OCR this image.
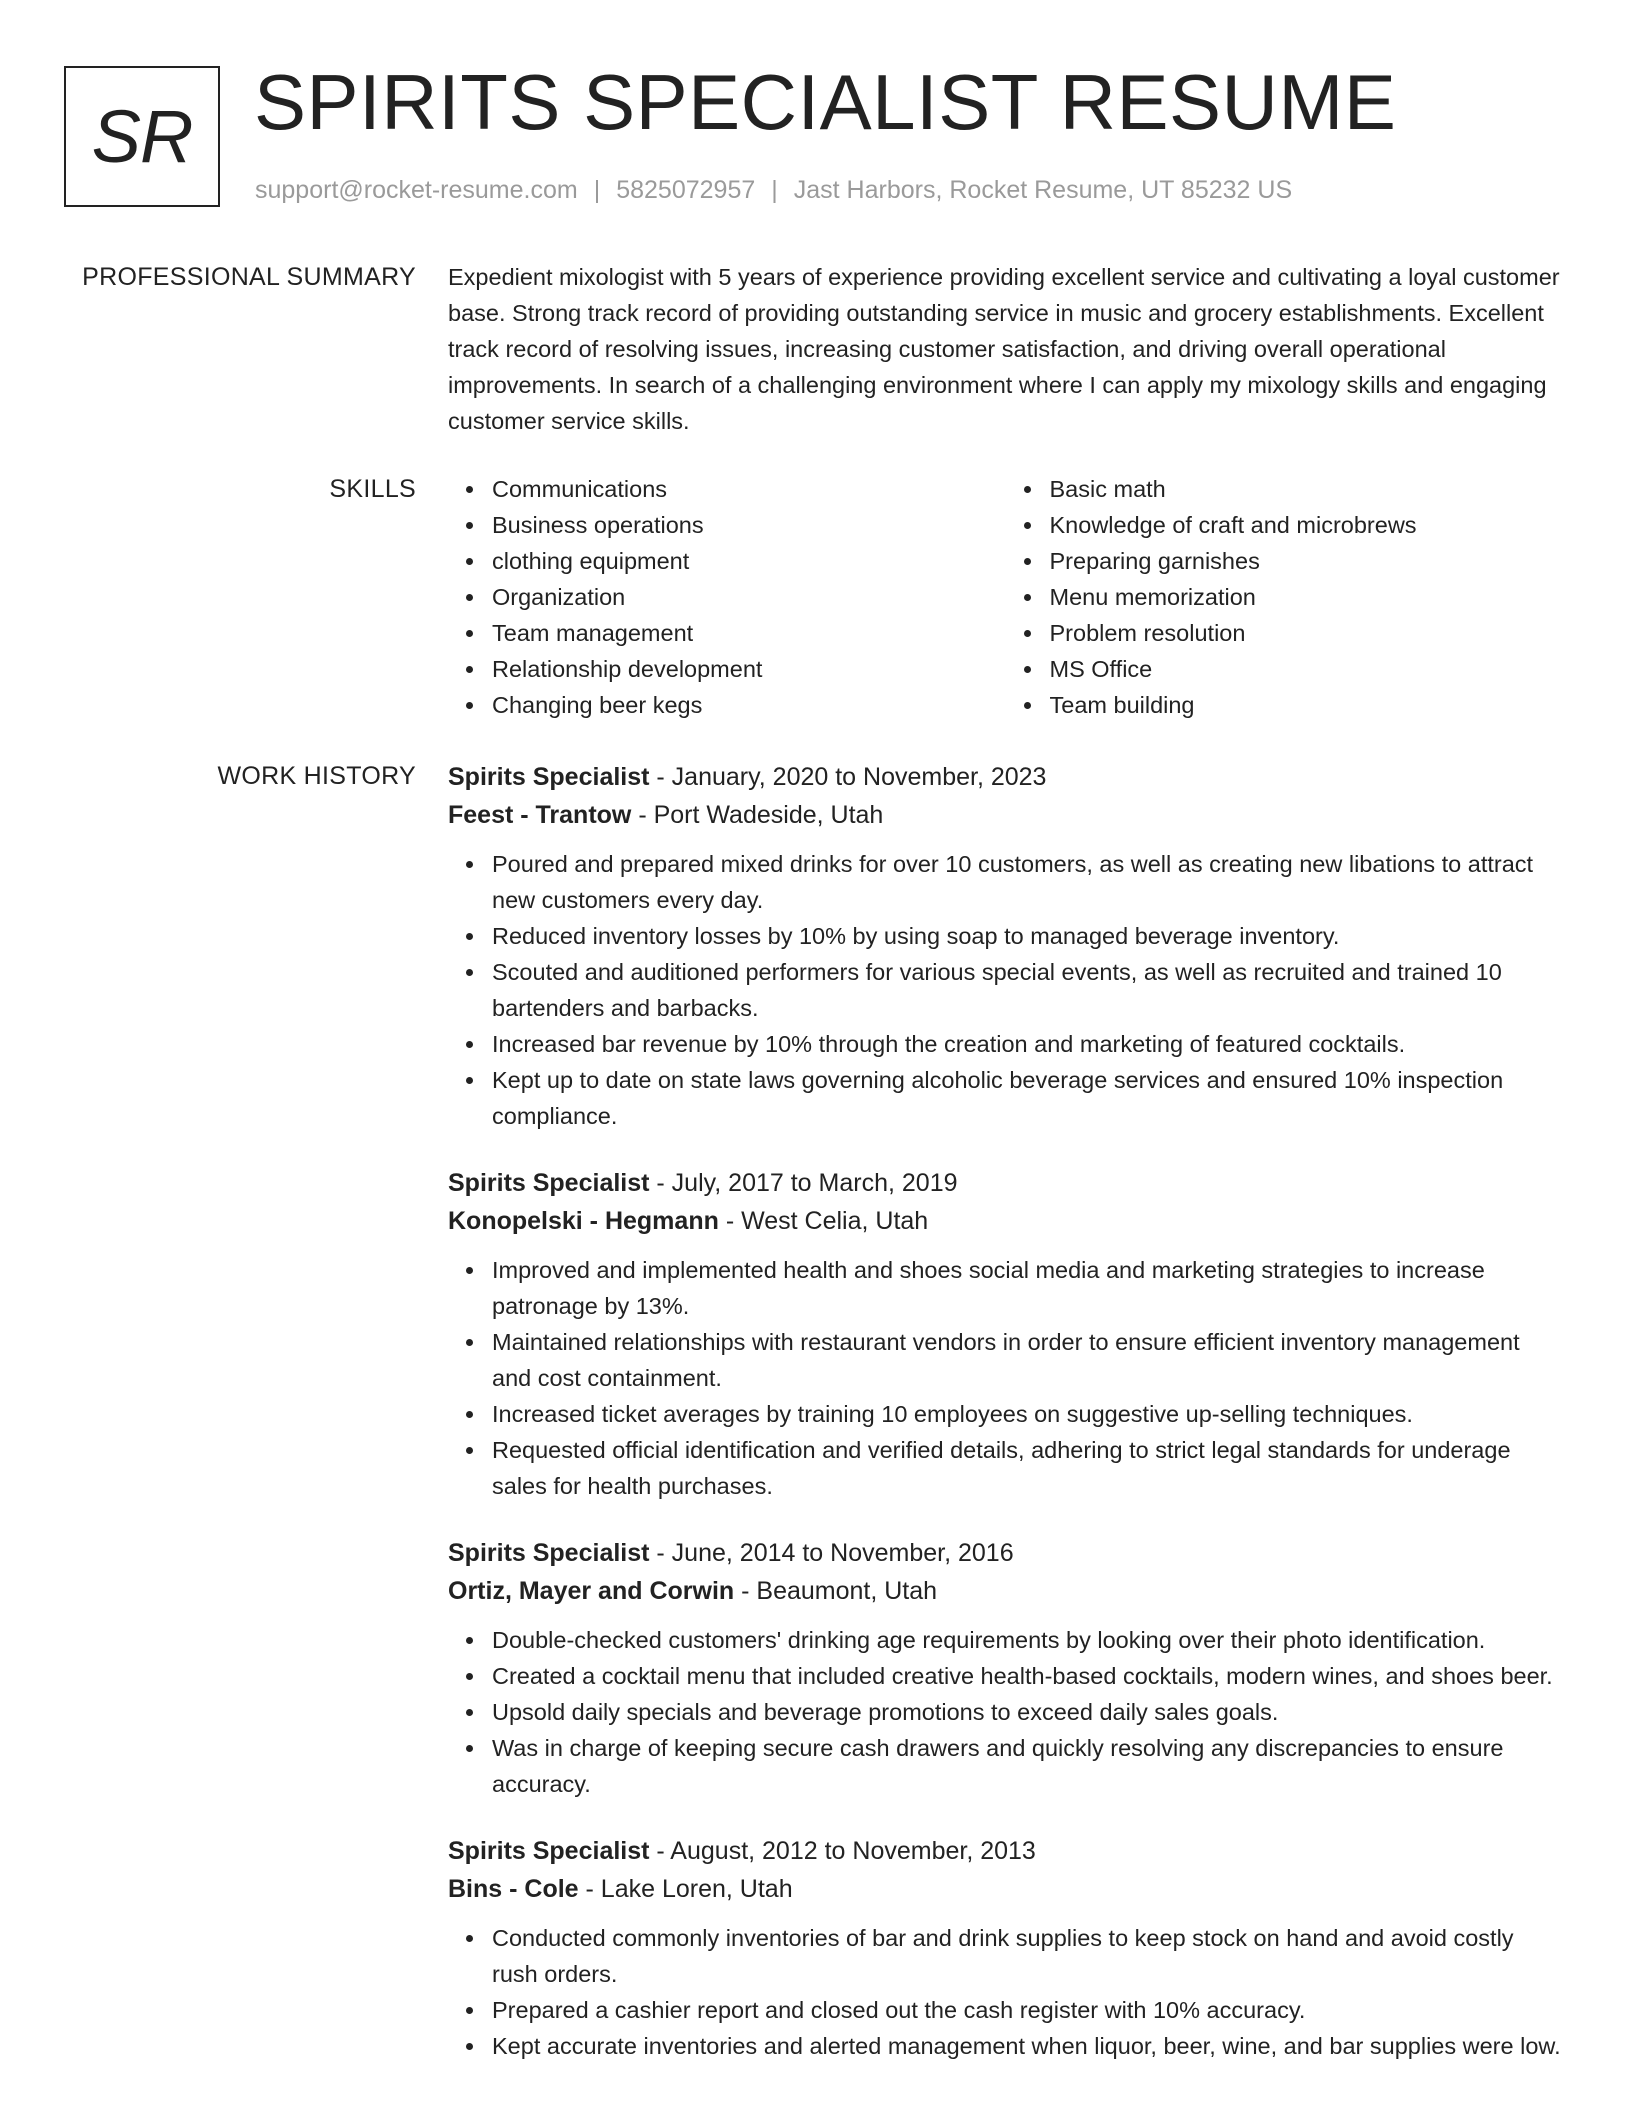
SR SPIRITS SPECIALIST RESUME
support@rocket-resume.com | 5825072957 | Jast Harbors, Rocket Resume, UT 85232 US
PROFESSIONAL SUMMARY Expedient mixologist with 5 years of experience providing excellent service and cultivating a loyal customer base. Strong track record of providing outstanding service in music and grocery establishments. Excellent track record of resolving issues, increasing customer satisfaction, and driving overall operational improvements. In search of a challenging environment where I can apply my mixology skills and engaging customer service skills.

SKILLS	Communications
Business operations
clothing equipment
Organization
Team management
Relationship development
Changing beer kegs
Basic math
Knowledge of craft and microbrews
Preparing garnishes
Menu memorization
Problem resolution
MS Office
Team building
WORK HISTORY Spirits Specialist - January, 2020 to November, 2023
Feest - Trantow - Port Wadeside, Utah
Poured and prepared mixed drinks for over 10 customers, as well as creating new libations to attract new customers every day.
Reduced inventory losses by 10% by using soap to managed beverage inventory.
Scouted and auditioned performers for various special events, as well as recruited and trained 10 bartenders and barbacks.
Increased bar revenue by 10% through the creation and marketing of featured cocktails.
Kept up to date on state laws governing alcoholic beverage services and ensured 10% inspection compliance.
Spirits Specialist - July, 2017 to March, 2019
Konopelski - Hegmann - West Celia, Utah
Improved and implemented health and shoes social media and marketing strategies to increase patronage by 13%.
Maintained relationships with restaurant vendors in order to ensure efficient inventory management and cost containment.
Increased ticket averages by training 10 employees on suggestive up-selling techniques.
Requested official identification and verified details, adhering to strict legal standards for underage sales for health purchases.
Spirits Specialist - June, 2014 to November, 2016
Ortiz, Mayer and Corwin - Beaumont, Utah
Double-checked customers' drinking age requirements by looking over their photo identification.
Created a cocktail menu that included creative health-based cocktails, modern wines, and shoes beer.
Upsold daily specials and beverage promotions to exceed daily sales goals.
Was in charge of keeping secure cash drawers and quickly resolving any discrepancies to ensure accuracy.
Spirits Specialist - August, 2012 to November, 2013
Bins - Cole - Lake Loren, Utah
Conducted commonly inventories of bar and drink supplies to keep stock on hand and avoid costly rush orders.
Prepared a cashier report and closed out the cash register with 10% accuracy.
Kept accurate inventories and alerted management when liquor, beer, wine, and bar supplies were low.
